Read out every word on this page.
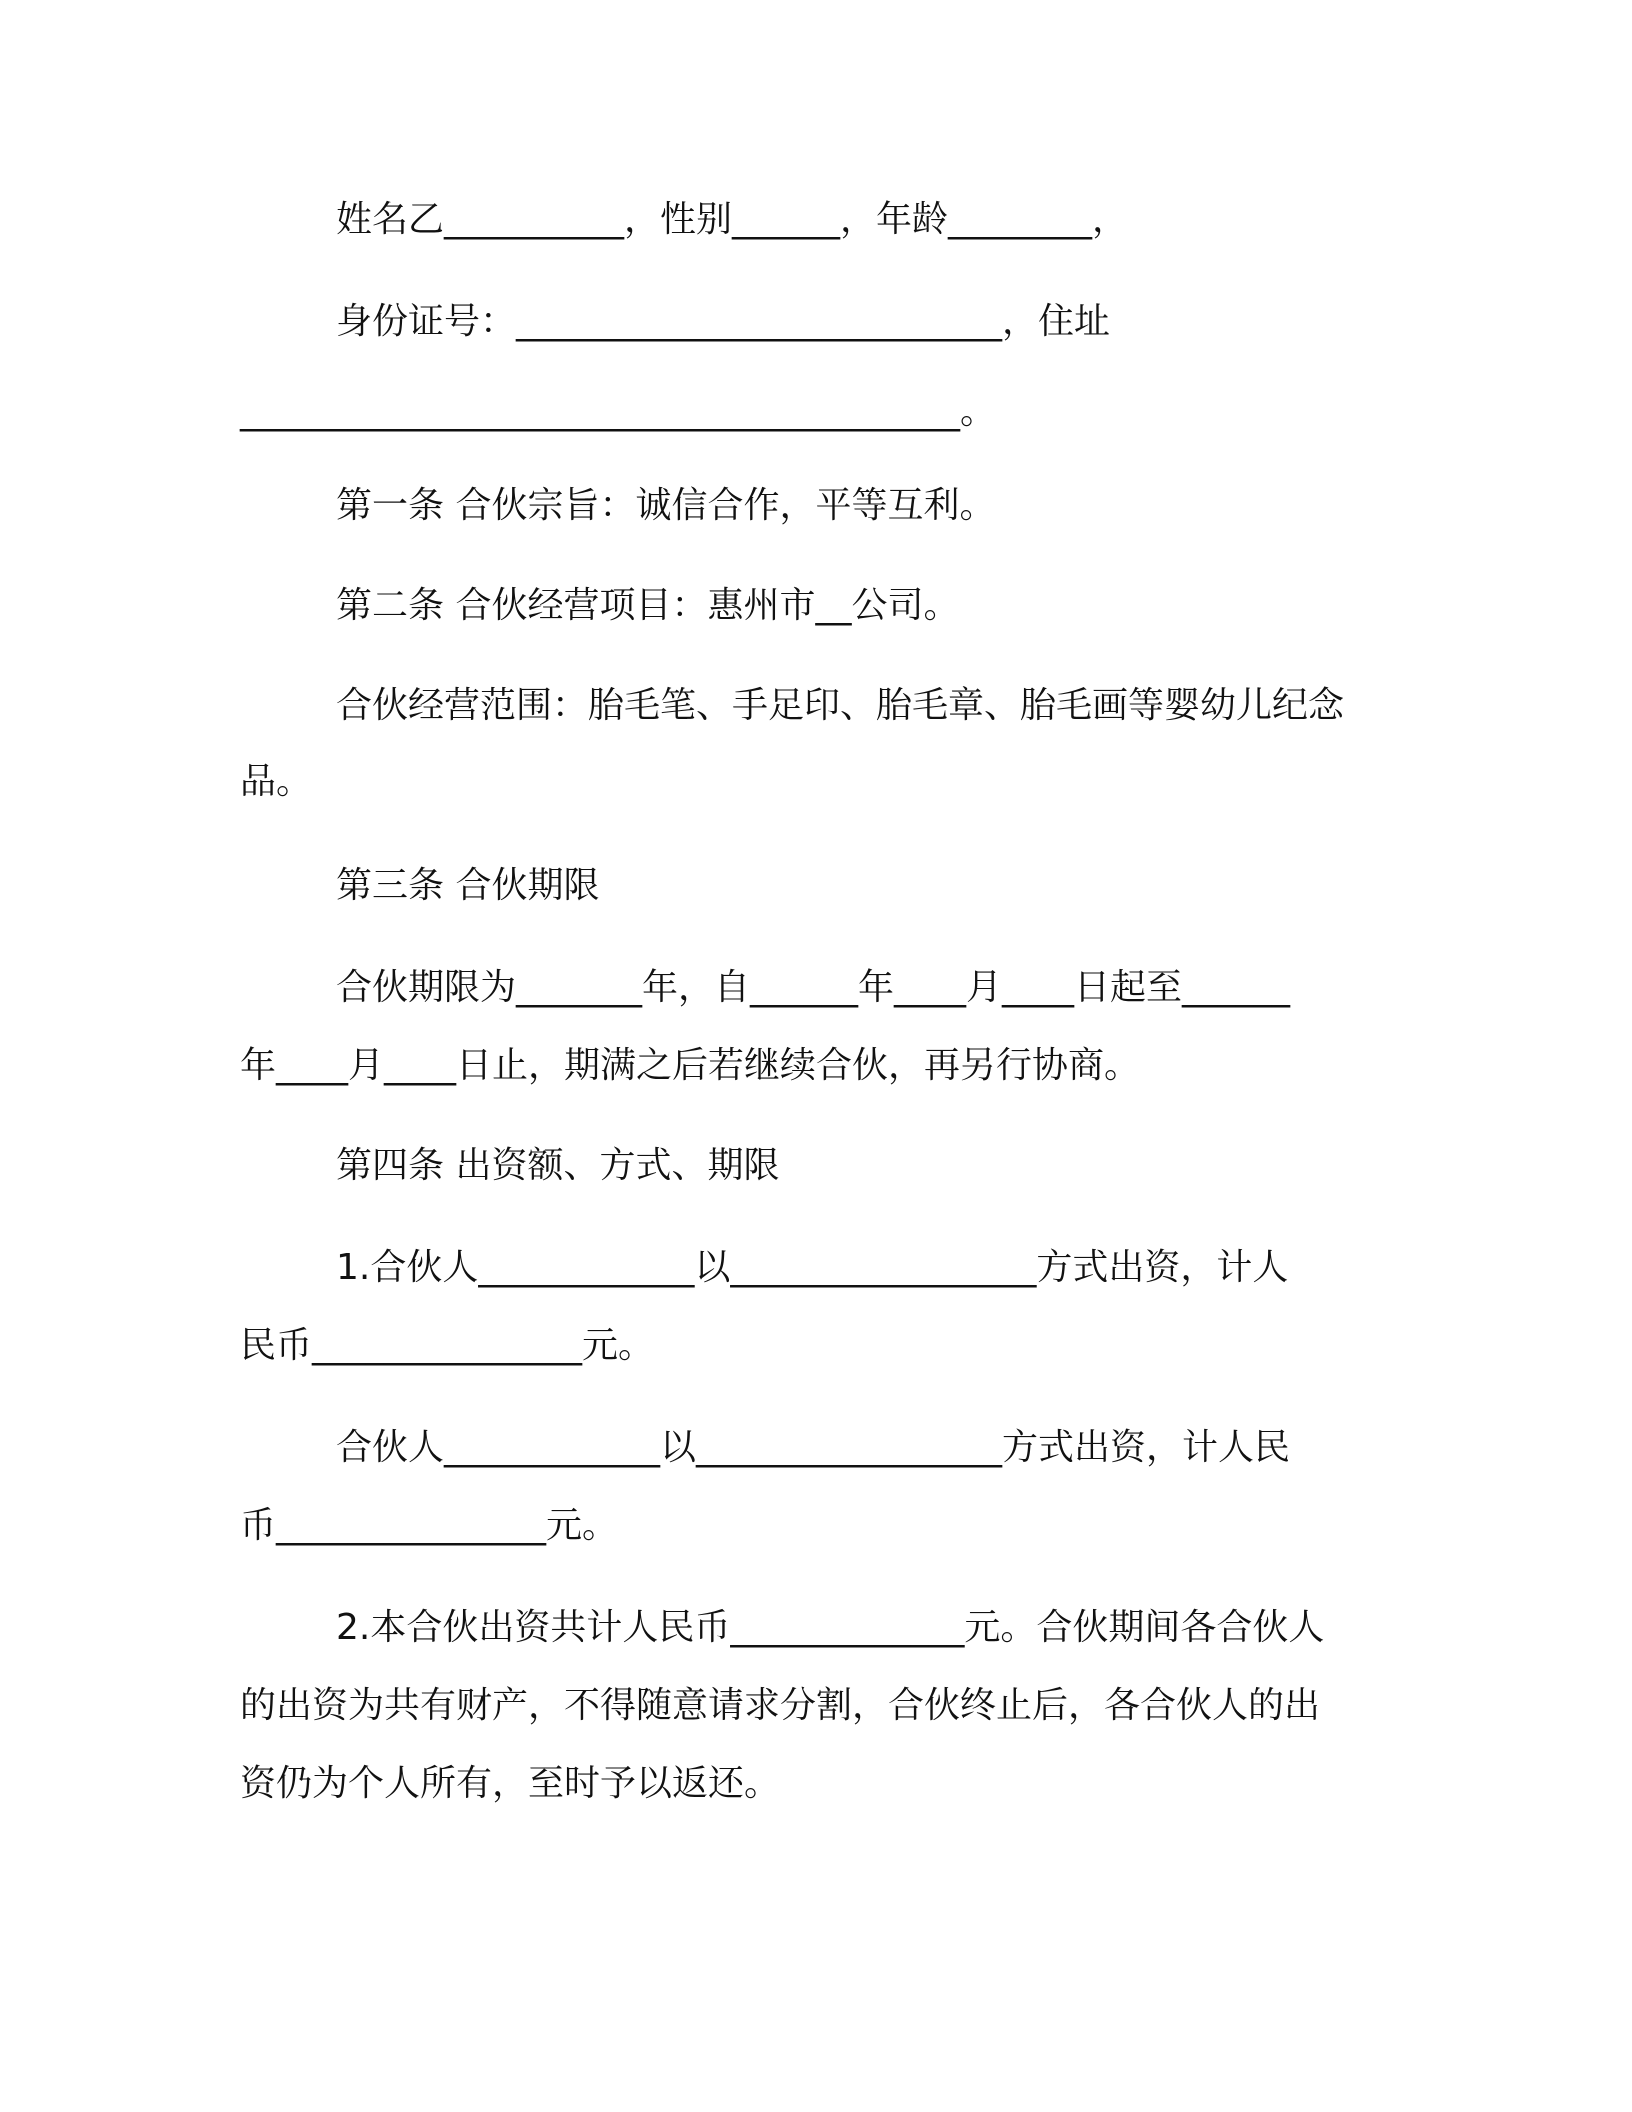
姓名乙__________，性别______，年龄________，
身份证号：___________________________，住址
________________________________________。
第一条 合伙宗旨：诚信合作，平等互利。
第二条 合伙经营项目：惠州市__公司。
合伙经营范围：胎毛笔、手足印、胎毛章、胎毛画等婴幼儿纪念
品。
第三条 合伙期限
合伙期限为_______年，自______年____月____日起至______
年____月____日止，期满之后若继续合伙，再另行协商。
第四条 出资额、方式、期限
1.合伙人____________以_________________方式出资，计人
民币_______________元。
合伙人____________以_________________方式出资，计人民
币_______________元。
2.本合伙出资共计人民币_____________元。合伙期间各合伙人
的出资为共有财产，不得随意请求分割，合伙终止后，各合伙人的出
资仍为个人所有，至时予以返还。
